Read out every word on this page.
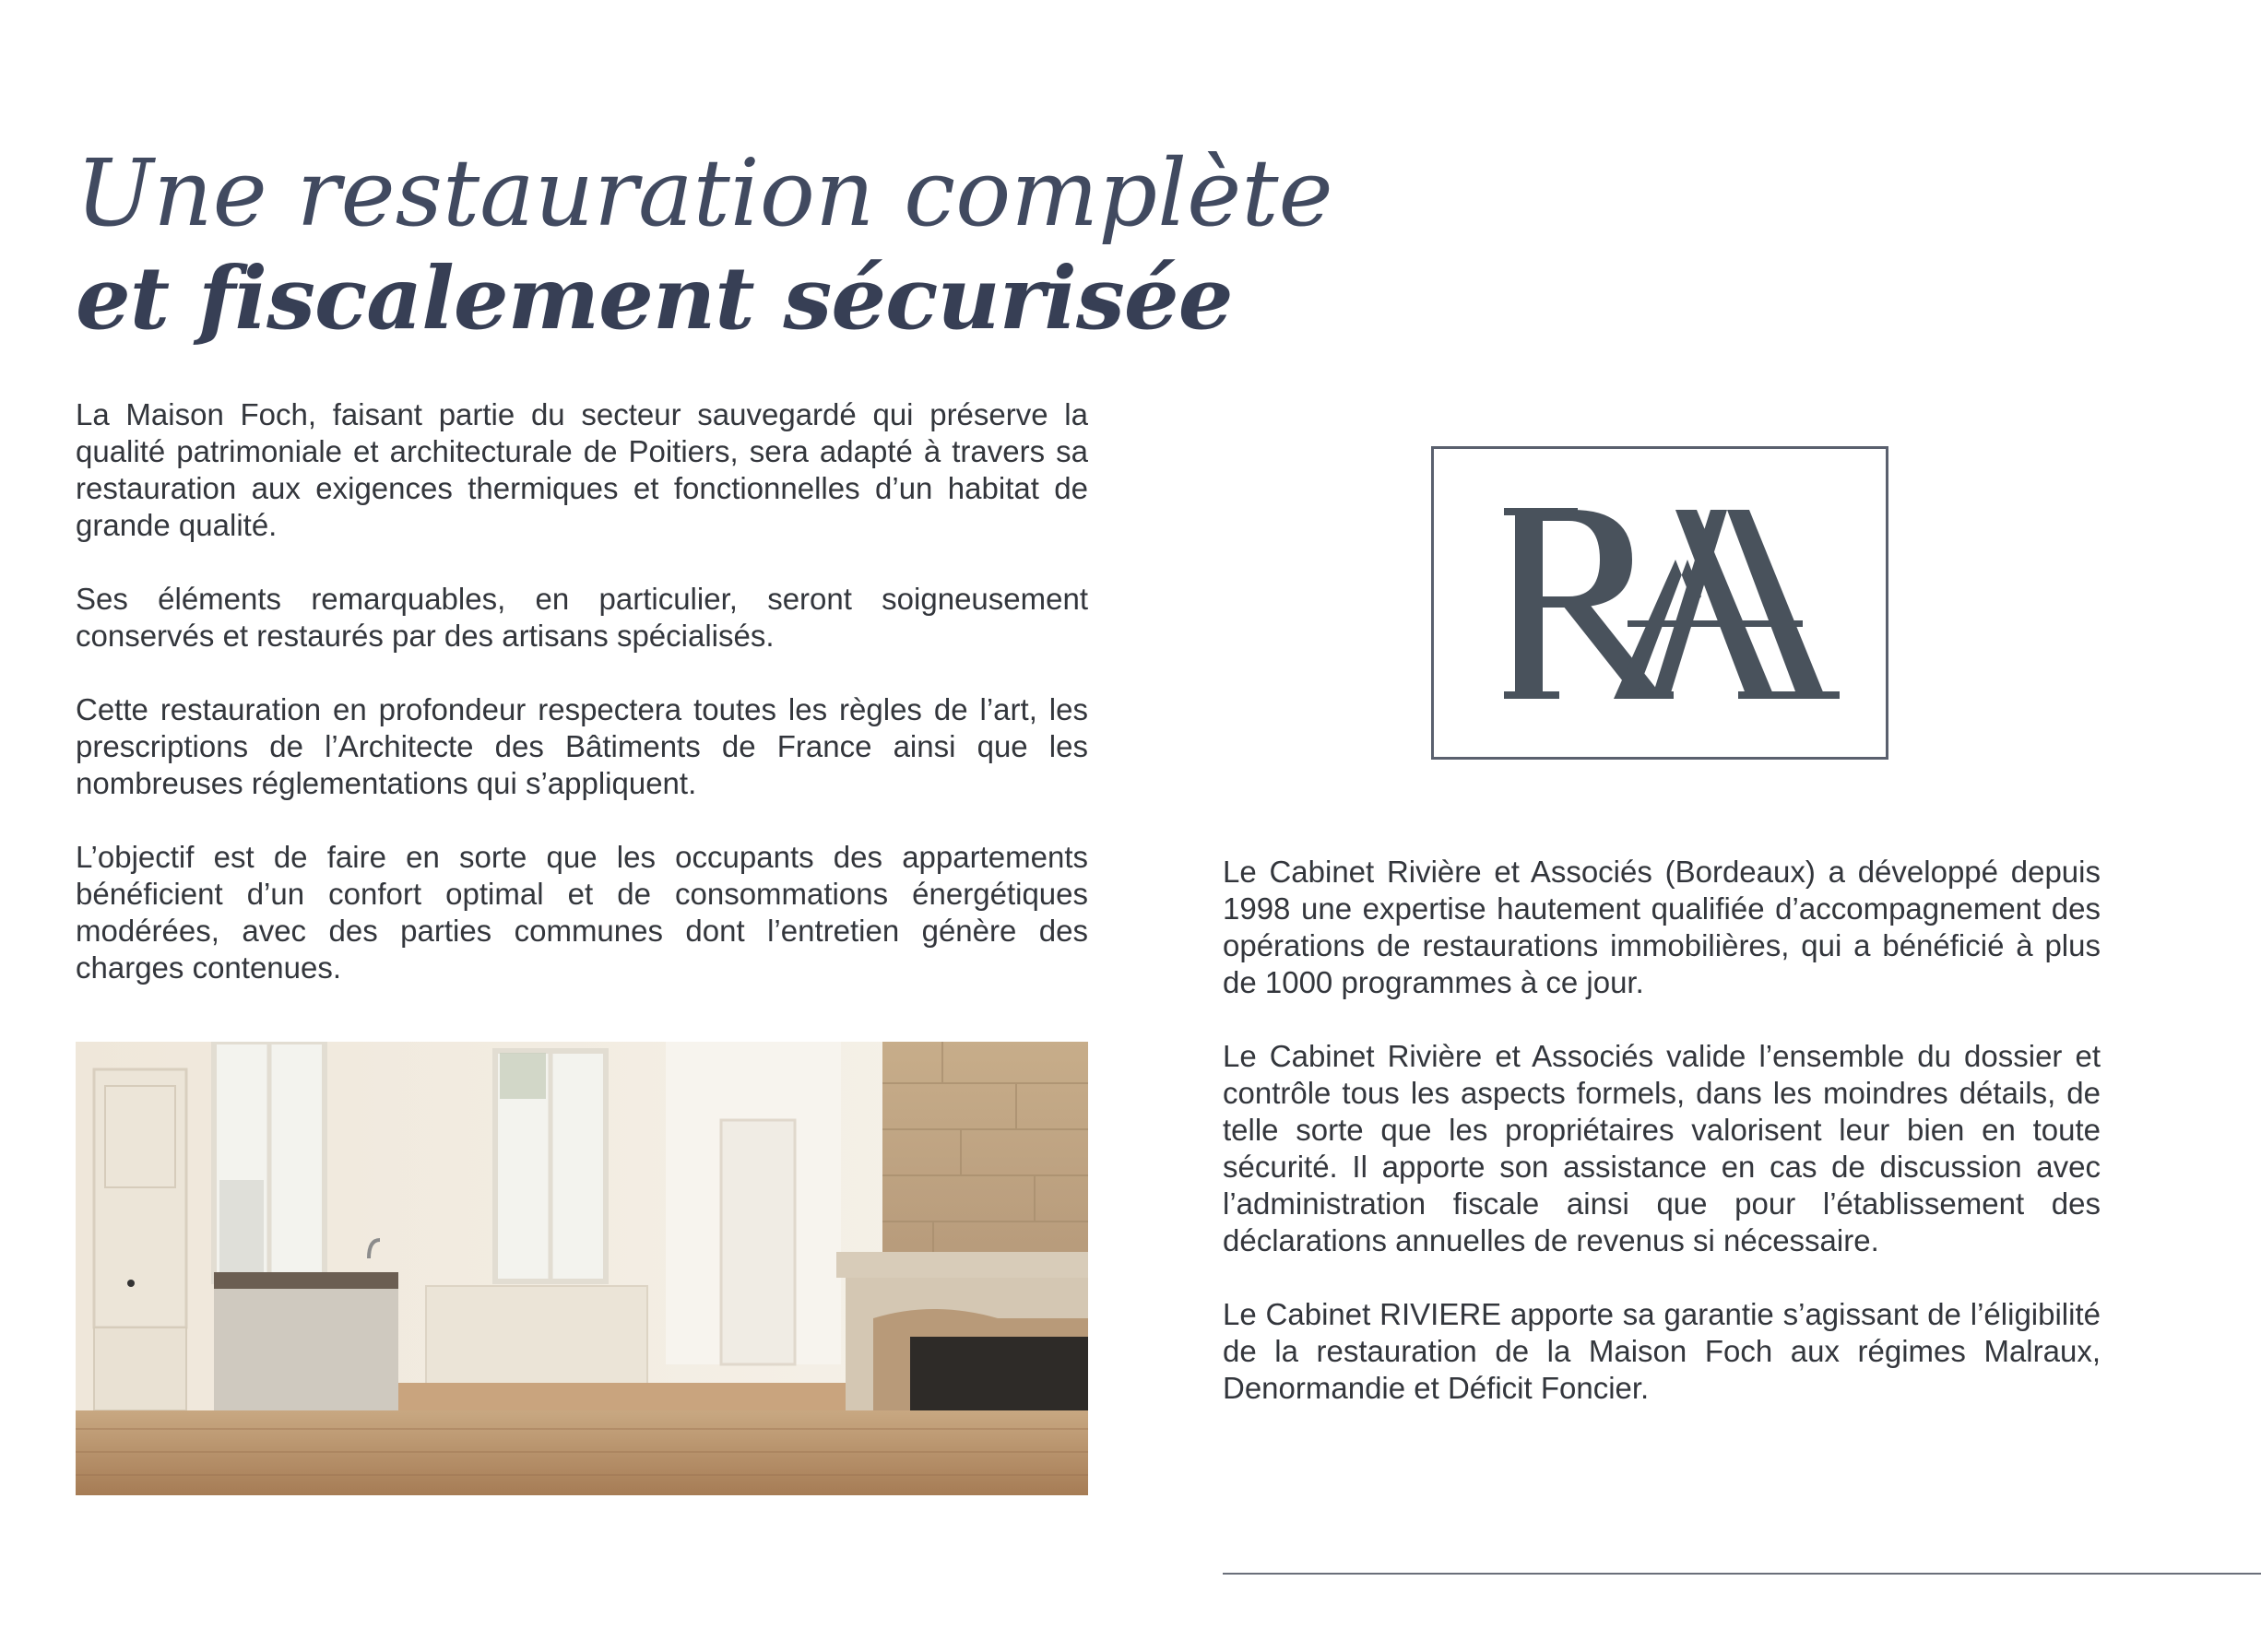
Une restauration complète
et fiscalement sécurisée

La Maison Foch, faisant partie du secteur sauvegardé qui préserve la qualité patrimoniale et architecturale de Poitiers, sera adapté à travers sa restauration aux exigences thermiques et fonctionnelles d’un habitat de grande qualité.

Ses éléments remarquables, en particulier, seront soigneusement conservés et restaurés par des artisans spécialisés.

Cette restauration en profondeur respectera toutes les règles de l’art, les prescriptions de l’Architecte des Bâtiments de France ainsi que les nombreuses réglementations qui s’appliquent.

L’objectif est de faire en sorte que les occupants des appartements bénéficient d’un confort optimal et de consommations énergétiques modérées, avec des parties communes dont l’entretien génère des charges contenues.

Le Cabinet Rivière et Associés (Bordeaux) a développé depuis 1998 une expertise hautement qualifiée d’accompagnement des opérations de restaurations immobilières, qui a bénéficié à plus de 1000 programmes à ce jour.

Le Cabinet Rivière et Associés valide l’ensemble du dossier et contrôle tous les aspects formels, dans les moindres détails, de telle sorte que les propriétaires valorisent leur bien en toute sécurité. Il apporte son assistance en cas de discussion avec l’administration fiscale ainsi que pour l’établissement des déclarations annuelles de revenus si nécessaire.

Le Cabinet RIVIERE apporte sa garantie s’agissant de l’éligibilité de la restauration de la Maison Foch aux régimes Malraux, Denormandie et Déficit Foncier.
